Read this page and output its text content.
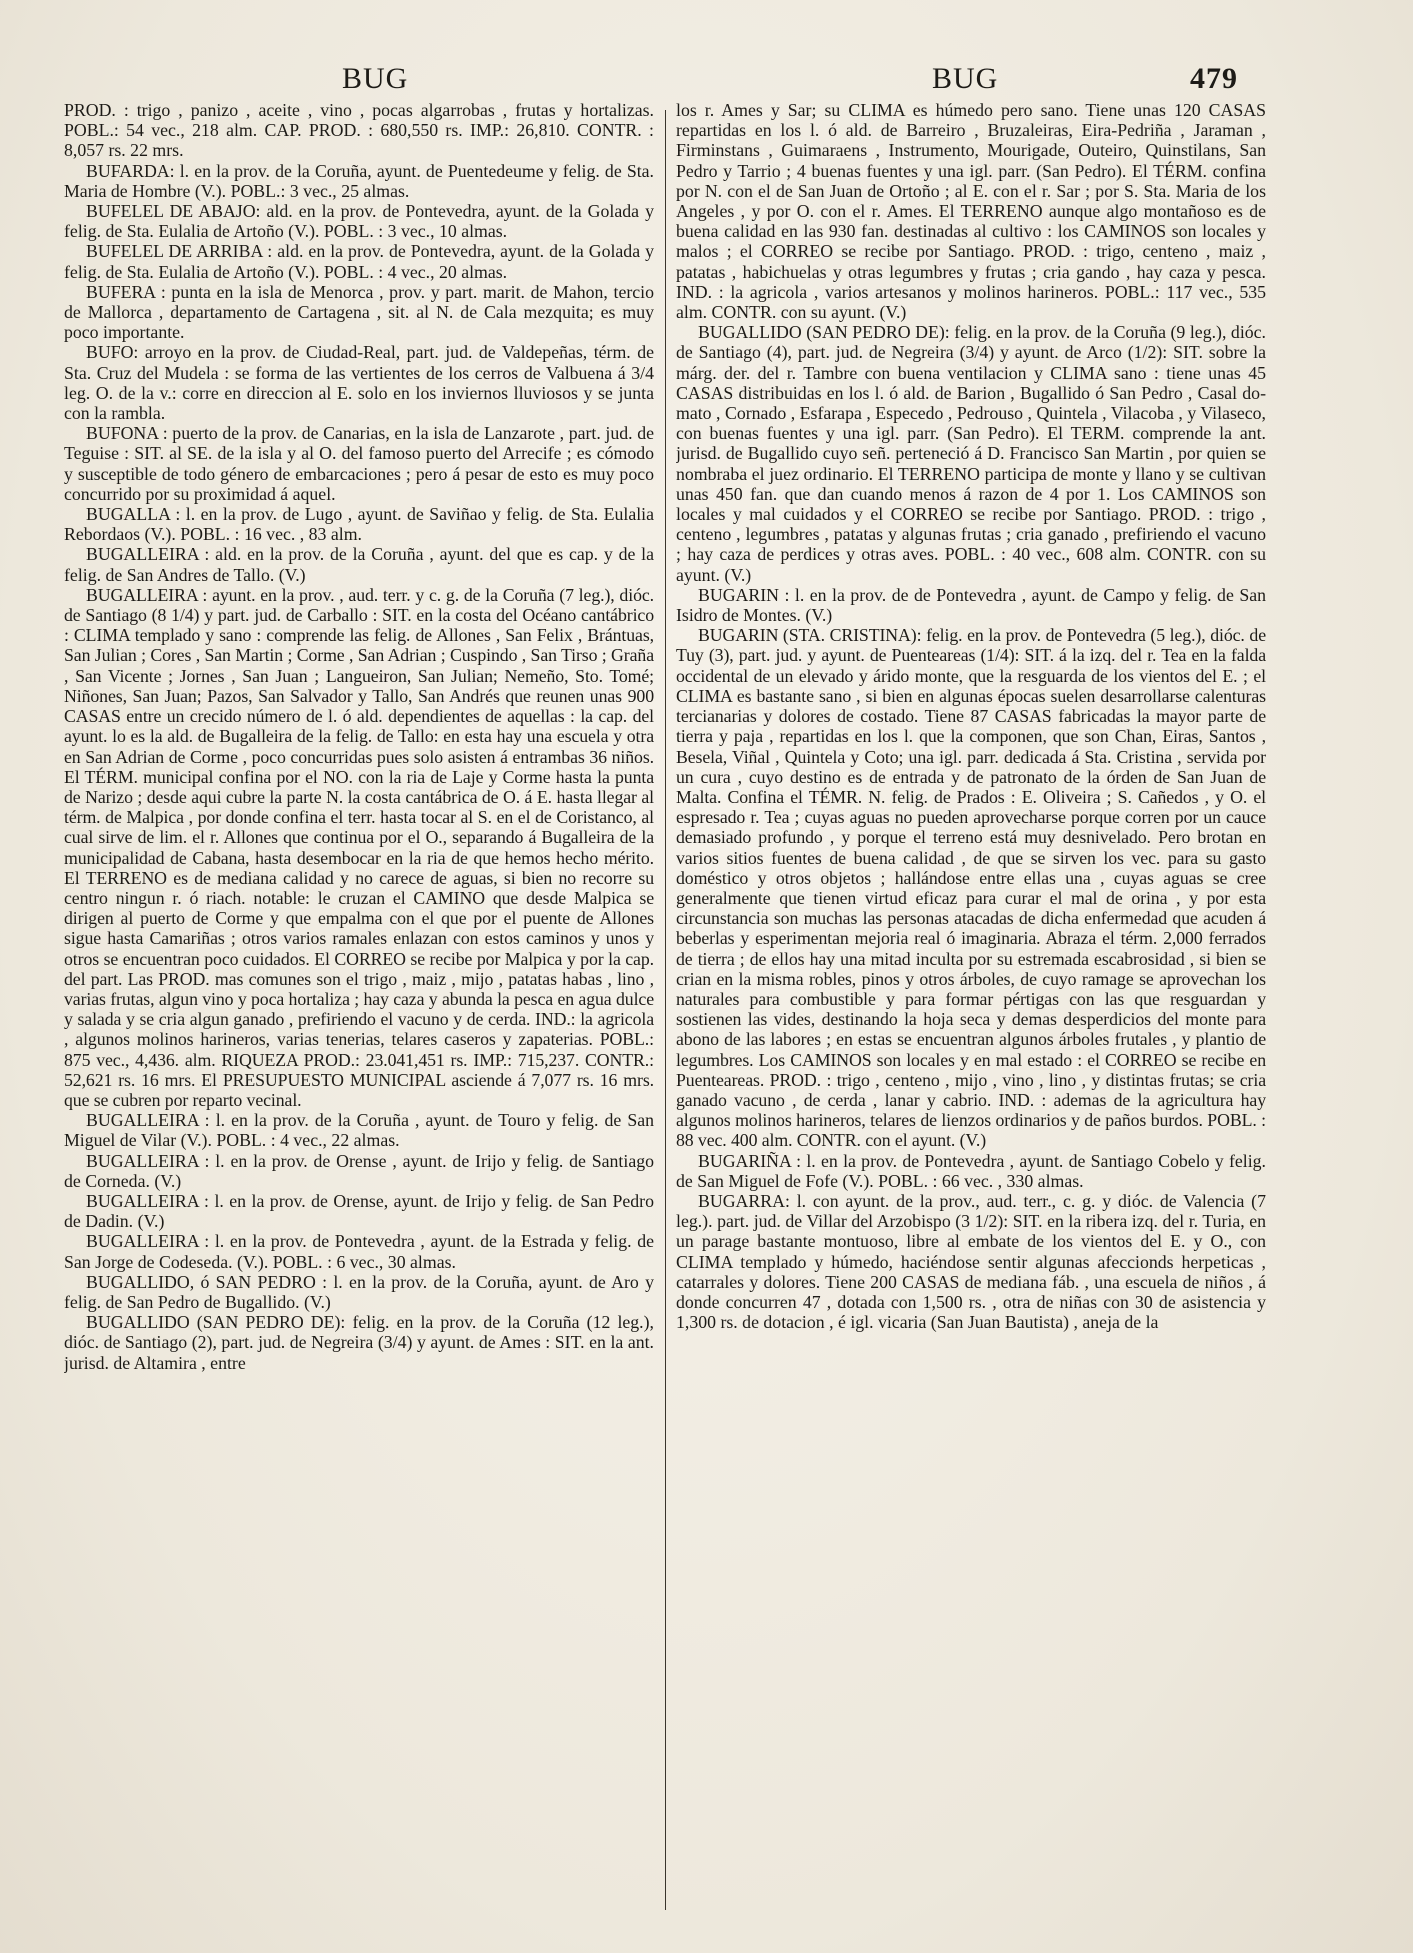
BUG	BUG	479

PROD. : trigo , panizo , aceite , vino , pocas algarrobas , frutas y hortalizas. POBL.: 54 vec., 218 alm. CAP. PROD. : 680,550 rs. IMP.: 26,810. CONTR. : 8,057 rs. 22 mrs.

BUFARDA: l. en la prov. de la Coruña, ayunt. de Puentedeume y felig. de Sta. Maria de Hombre (V.). POBL.: 3 vec., 25 almas.

BUFELEL DE ABAJO: ald. en la prov. de Pontevedra, ayunt. de la Golada y felig. de Sta. Eulalia de Artoño (V.). POBL. : 3 vec., 10 almas.

BUFELEL DE ARRIBA : ald. en la prov. de Pontevedra, ayunt. de la Golada y felig. de Sta. Eulalia de Artoño (V.). POBL. : 4 vec., 20 almas.

BUFERA : punta en la isla de Menorca , prov. y part. marit. de Mahon, tercio de Mallorca , departamento de Cartagena , sit. al N. de Cala mezquita; es muy poco importante.

BUFO: arroyo en la prov. de Ciudad-Real, part. jud. de Valdepeñas, térm. de Sta. Cruz del Mudela : se forma de las vertientes de los cerros de Valbuena á 3/4 leg. O. de la v.: corre en direccion al E. solo en los inviernos lluviosos y se junta con la rambla.

BUFONA : puerto de la prov. de Canarias, en la isla de Lanzarote , part. jud. de Teguise : SIT. al SE. de la isla y al O. del famoso puerto del Arrecife ; es cómodo y susceptible de todo género de embarcaciones ; pero á pesar de esto es muy poco concurrido por su proximidad á aquel.

BUGALLA : l. en la prov. de Lugo , ayunt. de Saviñao y felig. de Sta. Eulalia Rebordaos (V.). POBL. : 16 vec. , 83 alm.

BUGALLEIRA : ald. en la prov. de la Coruña , ayunt. del que es cap. y de la felig. de San Andres de Tallo. (V.)

BUGALLEIRA : ayunt. en la prov. , aud. terr. y c. g. de la Coruña (7 leg.), dióc. de Santiago (8 1/4) y part. jud. de Carballo : SIT. en la costa del Océano cantábrico : CLIMA templado y sano : comprende las felig. de Allones , San Felix , Brántuas, San Julian ; Cores , San Martin ; Corme , San Adrian ; Cuspindo , San Tirso ; Graña , San Vicente ; Jornes , San Juan ; Langueiron, San Julian; Nemeño, Sto. Tomé; Niñones, San Juan; Pazos, San Salvador y Tallo, San Andrés que reunen unas 900 CASAS entre un crecido número de l. ó ald. dependientes de aquellas : la cap. del ayunt. lo es la ald. de Bugalleira de la felig. de Tallo: en esta hay una escuela y otra en San Adrian de Corme , poco concurridas pues solo asisten á entrambas 36 niños. El TÉRM. municipal confina por el NO. con la ria de Laje y Corme hasta la punta de Narizo ; desde aqui cubre la parte N. la costa cantábrica de O. á E. hasta llegar al térm. de Malpica , por donde confina el terr. hasta tocar al S. en el de Coristanco, al cual sirve de lim. el r. Allones que continua por el O., separando á Bugalleira de la municipalidad de Cabana, hasta desembocar en la ria de que hemos hecho mérito. El TERRENO es de mediana calidad y no carece de aguas, si bien no recorre su centro ningun r. ó riach. notable: le cruzan el CAMINO que desde Malpica se dirigen al puerto de Corme y que empalma con el que por el puente de Allones sigue hasta Camariñas ; otros varios ramales enlazan con estos caminos y unos y otros se encuentran poco cuidados. El CORREO se recibe por Malpica y por la cap. del part. Las PROD. mas comunes son el trigo , maiz , mijo , patatas habas , lino , varias frutas, algun vino y poca hortaliza ; hay caza y abunda la pesca en agua dulce y salada y se cria algun ganado , prefiriendo el vacuno y de cerda. IND.: la agricola , algunos molinos harineros, varias tenerias, telares caseros y zapaterias. POBL.: 875 vec., 4,436. alm. RIQUEZA PROD.: 23.041,451 rs. IMP.: 715,237. CONTR.: 52,621 rs. 16 mrs. El PRESUPUESTO MUNICIPAL asciende á 7,077 rs. 16 mrs. que se cubren por reparto vecinal.

BUGALLEIRA : l. en la prov. de la Coruña , ayunt. de Touro y felig. de San Miguel de Vilar (V.). POBL. : 4 vec., 22 almas.

BUGALLEIRA : l. en la prov. de Orense , ayunt. de Irijo y felig. de Santiago de Corneda. (V.)

BUGALLEIRA : l. en la prov. de Orense, ayunt. de Irijo y felig. de San Pedro de Dadin. (V.)

BUGALLEIRA : l. en la prov. de Pontevedra , ayunt. de la Estrada y felig. de San Jorge de Codeseda. (V.). POBL. : 6 vec., 30 almas.

BUGALLIDO, ó SAN PEDRO : l. en la prov. de la Coruña, ayunt. de Aro y felig. de San Pedro de Bugallido. (V.)

BUGALLIDO (SAN PEDRO DE): felig. en la prov. de la Coruña (12 leg.), dióc. de Santiago (2), part. jud. de Negreira (3/4) y ayunt. de Ames : SIT. en la ant. jurisd. de Altamira , entre

los r. Ames y Sar; su CLIMA es húmedo pero sano. Tiene unas 120 CASAS repartidas en los l. ó ald. de Barreiro , Bruzaleiras, Eira-Pedriña , Jaraman , Firminstans , Guimaraens , Instrumento, Mourigade, Outeiro, Quinstilans, San Pedro y Tarrio ; 4 buenas fuentes y una igl. parr. (San Pedro). El TÉRM. confina por N. con el de San Juan de Ortoño ; al E. con el r. Sar ; por S. Sta. Maria de los Angeles , y por O. con el r. Ames. El TERRENO aunque algo montañoso es de buena calidad en las 930 fan. destinadas al cultivo : los CAMINOS son locales y malos ; el CORREO se recibe por Santiago. PROD. : trigo, centeno , maiz , patatas , habichuelas y otras legumbres y frutas ; cria gando , hay caza y pesca. IND. : la agricola , varios artesanos y molinos harineros. POBL.: 117 vec., 535 alm. CONTR. con su ayunt. (V.)

BUGALLIDO (SAN PEDRO DE): felig. en la prov. de la Coruña (9 leg.), dióc. de Santiago (4), part. jud. de Negreira (3/4) y ayunt. de Arco (1/2): SIT. sobre la márg. der. del r. Tambre con buena ventilacion y CLIMA sano : tiene unas 45 CASAS distribuidas en los l. ó ald. de Barion , Bugallido ó San Pedro , Casal do-mato , Cornado , Esfarapa , Especedo , Pedrouso , Quintela , Vilacoba , y Vilaseco, con buenas fuentes y una igl. parr. (San Pedro). El TERM. comprende la ant. jurisd. de Bugallido cuyo señ. perteneció á D. Francisco San Martin , por quien se nombraba el juez ordinario. El TERRENO participa de monte y llano y se cultivan unas 450 fan. que dan cuando menos á razon de 4 por 1. Los CAMINOS son locales y mal cuidados y el CORREO se recibe por Santiago. PROD. : trigo , centeno , legumbres , patatas y algunas frutas ; cria ganado , prefiriendo el vacuno ; hay caza de perdices y otras aves. POBL. : 40 vec., 608 alm. CONTR. con su ayunt. (V.)

BUGARIN : l. en la prov. de de Pontevedra , ayunt. de Campo y felig. de San Isidro de Montes. (V.)

BUGARIN (STA. CRISTINA): felig. en la prov. de Pontevedra (5 leg.), dióc. de Tuy (3), part. jud. y ayunt. de Puenteareas (1/4): SIT. á la izq. del r. Tea en la falda occidental de un elevado y árido monte, que la resguarda de los vientos del E. ; el CLIMA es bastante sano , si bien en algunas épocas suelen desarrollarse calenturas tercianarias y dolores de costado. Tiene 87 CASAS fabricadas la mayor parte de tierra y paja , repartidas en los l. que la componen, que son Chan, Eiras, Santos , Besela, Viñal , Quintela y Coto; una igl. parr. dedicada á Sta. Cristina , servida por un cura , cuyo destino es de entrada y de patronato de la órden de San Juan de Malta. Confina el TÉMR. N. felig. de Prados : E. Oliveira ; S. Cañedos , y O. el espresado r. Tea ; cuyas aguas no pueden aprovecharse porque corren por un cauce demasiado profundo , y porque el terreno está muy desnivelado. Pero brotan en varios sitios fuentes de buena calidad , de que se sirven los vec. para su gasto doméstico y otros objetos ; hallándose entre ellas una , cuyas aguas se cree generalmente que tienen virtud eficaz para curar el mal de orina , y por esta circunstancia son muchas las personas atacadas de dicha enfermedad que acuden á beberlas y esperimentan mejoria real ó imaginaria. Abraza el térm. 2,000 ferrados de tierra ; de ellos hay una mitad inculta por su estremada escabrosidad , si bien se crian en la misma robles, pinos y otros árboles, de cuyo ramage se aprovechan los naturales para combustible y para formar pértigas con las que resguardan y sostienen las vides, destinando la hoja seca y demas desperdicios del monte para abono de las labores ; en estas se encuentran algunos árboles frutales , y plantio de legumbres. Los CAMINOS son locales y en mal estado : el CORREO se recibe en Puenteareas. PROD. : trigo , centeno , mijo , vino , lino , y distintas frutas; se cria ganado vacuno , de cerda , lanar y cabrio. IND. : ademas de la agricultura hay algunos molinos harineros, telares de lienzos ordinarios y de paños burdos. POBL. : 88 vec. 400 alm. CONTR. con el ayunt. (V.)

BUGARIÑA : l. en la prov. de Pontevedra , ayunt. de Santiago Cobelo y felig. de San Miguel de Fofe (V.). POBL. : 66 vec. , 330 almas.

BUGARRA: l. con ayunt. de la prov., aud. terr., c. g. y dióc. de Valencia (7 leg.). part. jud. de Villar del Arzobispo (3 1/2): SIT. en la ribera izq. del r. Turia, en un parage bastante montuoso, libre al embate de los vientos del E. y O., con CLIMA templado y húmedo, haciéndose sentir algunas afeccionds herpeticas , catarrales y dolores. Tiene 200 CASAS de mediana fáb. , una escuela de niños , á donde concurren 47 , dotada con 1,500 rs. , otra de niñas con 30 de asistencia y 1,300 rs. de dotacion , é igl. vicaria (San Juan Bautista) , aneja de la
